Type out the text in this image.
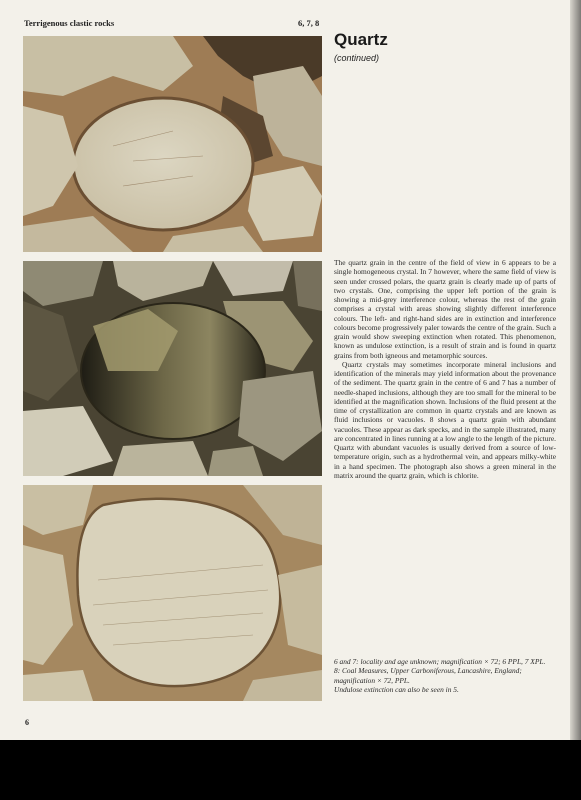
Terrigenous clastic rocks	6, 7, 8
Quartz
(continued)

The quartz grain in the centre of the field of view in 6 appears to be a single homogeneous crystal. In 7 however, where the same field of view is seen under crossed polars, the quartz grain is clearly made up of parts of two crystals. One, comprising the upper left portion of the grain is showing a mid-grey interference colour, whereas the rest of the grain comprises a crystal with areas showing slightly different interference colours. The left- and right-hand sides are in extinction and interference colours become progressively paler towards the centre of the grain. Such a grain would show sweeping extinction when rotated. This phenomenon, known as undulose extinction, is a result of strain and is found in quartz grains from both igneous and metamorphic sources.

Quartz crystals may sometimes incorporate mineral inclusions and identification of the minerals may yield information about the provenance of the sediment. The quartz grain in the centre of 6 and 7 has a number of needle-shaped inclusions, although they are too small for the mineral to be identified at the magnification shown. Inclusions of the fluid present at the time of crystallization are common in quartz crystals and are known as fluid inclusions or vacuoles. 8 shows a quartz grain with abundant vacuoles. These appear as dark specks, and in the sample illustrated, many are concentrated in lines running at a low angle to the length of the picture. Quartz with abundant vacuoles is usually derived from a source of low-temperature origin, such as a hydrothermal vein, and appears milky-white in a hand specimen. The photograph also shows a green mineral in the matrix around the quartz grain, which is chlorite.

6 and 7: locality and age unknown; magnification × 72; 6 PPL, 7 XPL.
8: Coal Measures, Upper Carboniferous, Lancashire, England; magnification × 72, PPL.
Undulose extinction can also be seen in 5.
6
